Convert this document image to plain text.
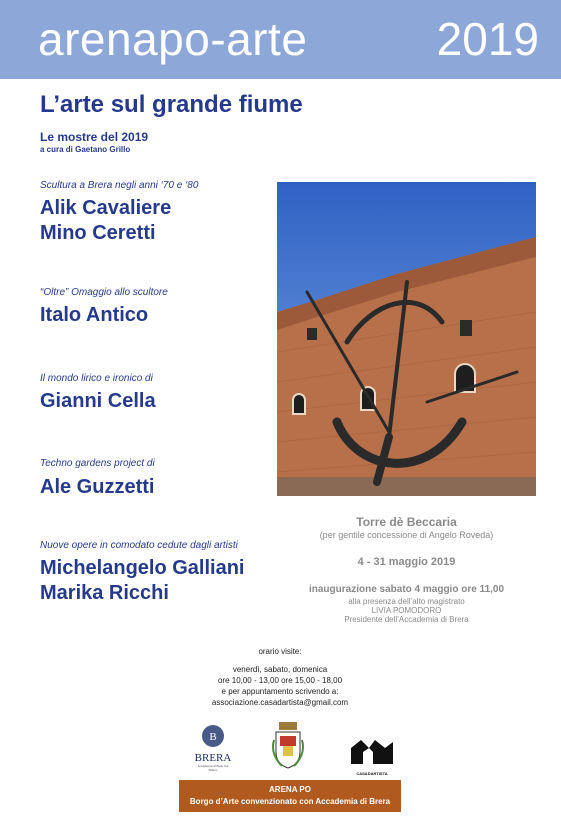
arenapo-arte	2019
L’arte sul grande fiume
Le mostre del 2019
a cura di Gaetano Grillo
Scultura a Brera negli anni ‘70 e ‘80
Alik Cavaliere
Mino Ceretti
“Oltre” Omaggio allo scultore
Italo Antico
Il mondo lirico e ironico di
Gianni Cella
Techno gardens project di
Ale Guzzetti
Nuove opere in comodato cedute dagli artisti
Michelangelo Galliani
Marika Ricchi
Torre dè Beccaria
(per gentile concessione di Angelo Roveda)
4 - 31 maggio 2019
inaugurazione sabato 4 maggio ore 11,00
alla presenza dell’alto magistrato
LIVIA POMODORO
Presidente dell’Accademia di Brera
orario visite:
venerdì, sabato, domenica
ore 10,00 - 13,00 ore 15,00 - 18,00
e per appuntamento scrivendo a:
associazione.casadartista@gmail.com
B
BRERA
Accademia di Belle Arti
Milano
CASADARTISTA
ARENA PO
Borgo d’Arte convenzionato con Accademia di Brera
